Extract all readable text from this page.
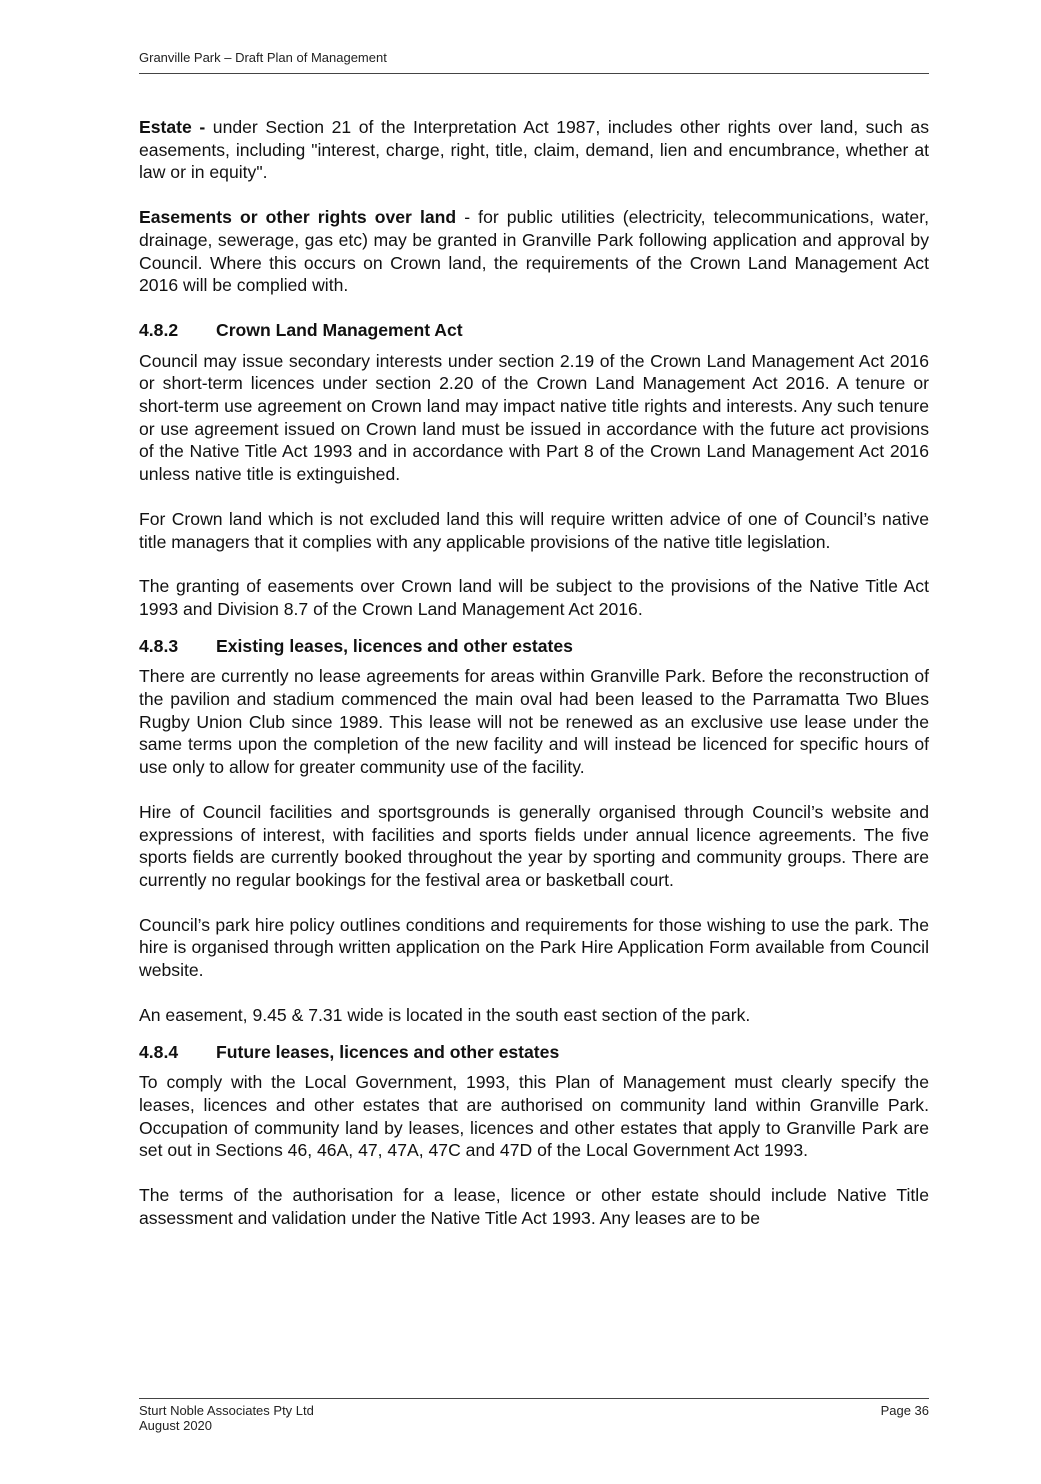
Granville Park – Draft Plan of Management

Estate - under Section 21 of the Interpretation Act 1987, includes other rights over land, such as easements, including "interest, charge, right, title, claim, demand, lien and encumbrance, whether at law or in equity".

Easements or other rights over land - for public utilities (electricity, telecommunications, water, drainage, sewerage, gas etc) may be granted in Granville Park following application and approval by Council. Where this occurs on Crown land, the requirements of the Crown Land Management Act 2016 will be complied with.

4.8.2 Crown Land Management Act

Council may issue secondary interests under section 2.19 of the Crown Land Management Act 2016 or short-term licences under section 2.20 of the Crown Land Management Act 2016. A tenure or short-term use agreement on Crown land may impact native title rights and interests. Any such tenure or use agreement issued on Crown land must be issued in accordance with the future act provisions of the Native Title Act 1993 and in accordance with Part 8 of the Crown Land Management Act 2016 unless native title is extinguished.

For Crown land which is not excluded land this will require written advice of one of Council’s native title managers that it complies with any applicable provisions of the native title legislation.

The granting of easements over Crown land will be subject to the provisions of the Native Title Act 1993 and Division 8.7 of the Crown Land Management Act 2016.

4.8.3 Existing leases, licences and other estates

There are currently no lease agreements for areas within Granville Park. Before the reconstruction of the pavilion and stadium commenced the main oval had been leased to the Parramatta Two Blues Rugby Union Club since 1989. This lease will not be renewed as an exclusive use lease under the same terms upon the completion of the new facility and will instead be licenced for specific hours of use only to allow for greater community use of the facility.

Hire of Council facilities and sportsgrounds is generally organised through Council’s website and expressions of interest, with facilities and sports fields under annual licence agreements. The five sports fields are currently booked throughout the year by sporting and community groups. There are currently no regular bookings for the festival area or basketball court.

Council’s park hire policy outlines conditions and requirements for those wishing to use the park. The hire is organised through written application on the Park Hire Application Form available from Council website.

An easement, 9.45 & 7.31 wide is located in the south east section of the park.

4.8.4 Future leases, licences and other estates

To comply with the Local Government, 1993, this Plan of Management must clearly specify the leases, licences and other estates that are authorised on community land within Granville Park. Occupation of community land by leases, licences and other estates that apply to Granville Park are set out in Sections 46, 46A, 47, 47A, 47C and 47D of the Local Government Act 1993.

The terms of the authorisation for a lease, licence or other estate should include Native Title assessment and validation under the Native Title Act 1993. Any leases are to be

Sturt Noble Associates Pty Ltd
August 2020
Page 36
